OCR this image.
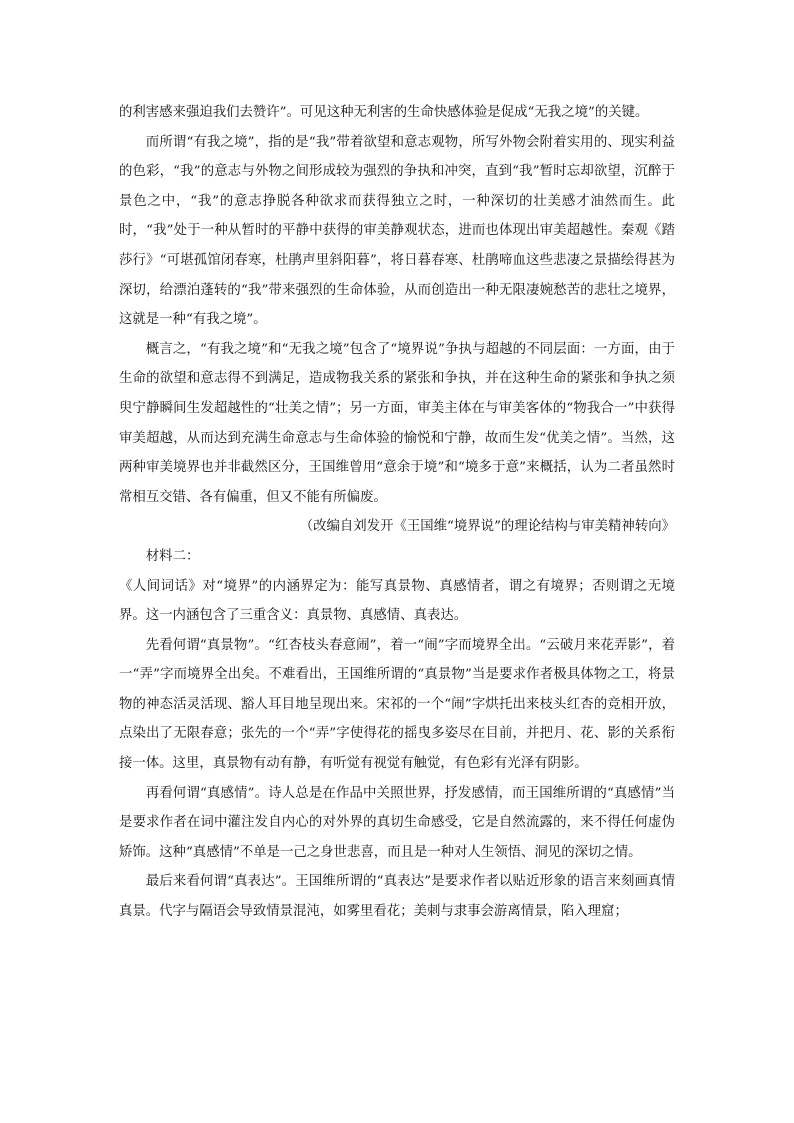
的利害感来强迫我们去赞许”。可见这种无利害的生命快感体验是促成“无我之境”的关键。

而所谓“有我之境”，指的是“我”带着欲望和意志观物，所写外物会附着实用的、现实利益的色彩，“我”的意志与外物之间形成较为强烈的争执和冲突，直到“我”暂时忘却欲望，沉醉于景色之中，“我”的意志挣脱各种欲求而获得独立之时，一种深切的壮美感才油然而生。此时，“我”处于一种从暂时的平静中获得的审美静观状态，进而也体现出审美超越性。秦观《踏莎行》“可堪孤馆闭春寒，杜鹃声里斜阳暮”，将日暮春寒、杜鹃啼血这些悲凄之景描绘得甚为深切，给漂泊蓬转的“我”带来强烈的生命体验，从而创造出一种无限凄婉愁苦的悲壮之境界，这就是一种“有我之境”。

概言之，“有我之境”和“无我之境”包含了“境界说”争执与超越的不同层面：一方面，由于生命的欲望和意志得不到满足，造成物我关系的紧张和争执，并在这种生命的紧张和争执之须臾宁静瞬间生发超越性的“壮美之情”；另一方面，审美主体在与审美客体的“物我合一”中获得审美超越，从而达到充满生命意志与生命体验的愉悦和宁静，故而生发“优美之情”。当然，这两种审美境界也并非截然区分，王国维曾用“意余于境”和“境多于意”来概括，认为二者虽然时常相互交错、各有偏重，但又不能有所偏废。

（改编自刘发开《王国维“境界说”的理论结构与审美精神转向》

材料二：

《人间词话》对“境界”的内涵界定为：能写真景物、真感情者，谓之有境界；否则谓之无境界。这一内涵包含了三重含义：真景物、真感情、真表达。

先看何谓“真景物”。“红杏枝头春意闹”，着一“闹”字而境界全出。“云破月来花弄影”，着一“弄”字而境界全出矣。不难看出，王国维所谓的“真景物”当是要求作者极具体物之工，将景物的神态活灵活现、豁人耳目地呈现出来。宋祁的一个“闹”字烘托出来枝头红杏的竞相开放，点染出了无限春意；张先的一个“弄”字使得花的摇曳多姿尽在目前，并把月、花、影的关系衔接一体。这里，真景物有动有静，有听觉有视觉有触觉，有色彩有光泽有阴影。

再看何谓“真感情”。诗人总是在作品中关照世界，抒发感情，而王国维所谓的“真感情”当是要求作者在词中灌注发自内心的对外界的真切生命感受，它是自然流露的，来不得任何虚伪矫饰。这种“真感情”不单是一己之身世悲喜，而且是一种对人生领悟、洞见的深切之情。

最后来看何谓“真表达”。王国维所谓的“真表达”是要求作者以贴近形象的语言来刻画真情真景。代字与隔语会导致情景混沌，如雾里看花；美刺与隶事会游离情景，陷入理窟；
